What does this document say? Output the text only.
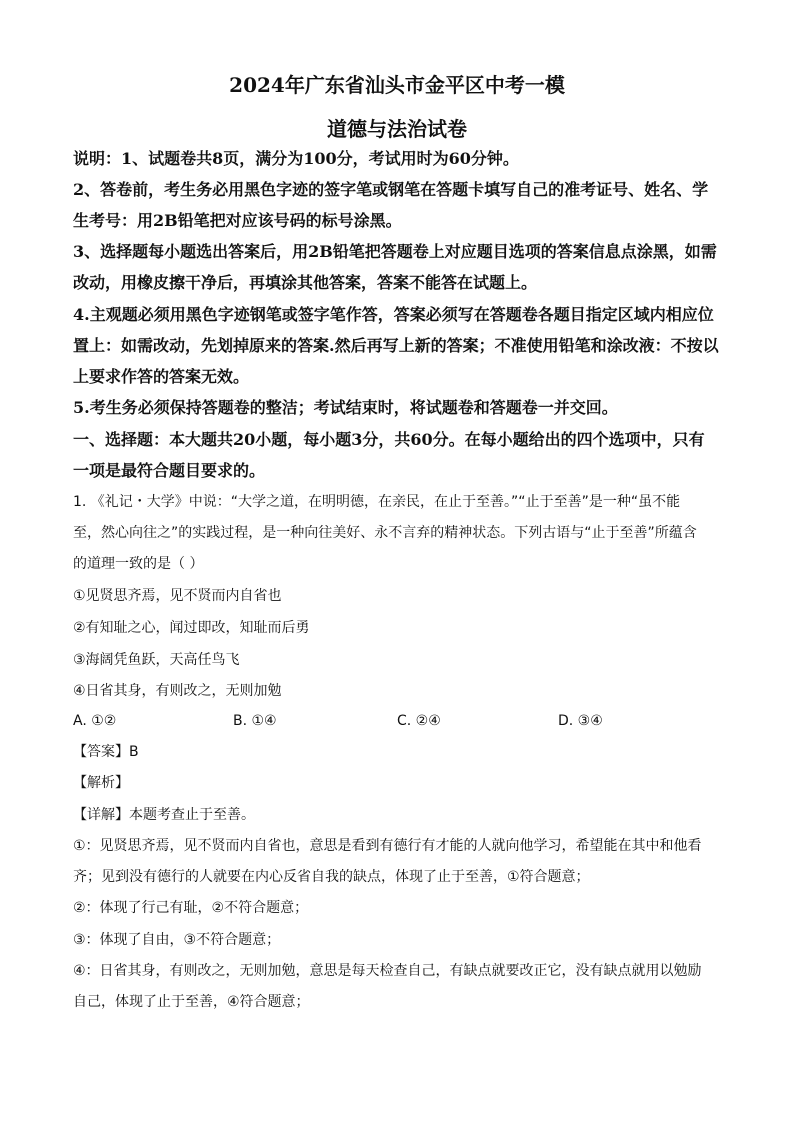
2024年广东省汕头市金平区中考一模
道德与法治试卷
说明：1、试题卷共8页，满分为100分，考试用时为60分钟。
2、答卷前，考生务必用黑色字迹的签字笔或钢笔在答题卡填写自己的准考证号、姓名、学
生考号：用2B铅笔把对应该号码的标号涂黑。
3、选择题每小题选出答案后，用2B铅笔把答题卷上对应题目选项的答案信息点涂黑，如需
改动，用橡皮擦干净后，再填涂其他答案，答案不能答在试题上。
4.主观题必须用黑色字迹钢笔或签字笔作答，答案必须写在答题卷各题目指定区域内相应位
置上：如需改动，先划掉原来的答案.然后再写上新的答案；不准使用铅笔和涂改液：不按以
上要求作答的答案无效。
5.考生务必须保持答题卷的整洁；考试结束时，将试题卷和答题卷一并交回。
一、选择题：本大题共20小题，每小题3分，共60分。在每小题给出的四个选项中，只有
一项是最符合题目要求的。
1. 《礼记・大学》中说：“大学之道，在明明德，在亲民，在止于至善。”“止于至善”是一种“虽不能
至，然心向往之”的实践过程，是一种向往美好、永不言弃的精神状态。下列古语与“止于至善”所蕴含
的道理一致的是（ ）
①见贤思齐焉，见不贤而内自省也
②有知耻之心，闻过即改，知耻而后勇
③海阔凭鱼跃，天高任鸟飞
④日省其身，有则改之，无则加勉
A. ①②	B. ①④	C. ②④	D. ③④
【答案】B
【解析】
【详解】本题考查止于至善。
①：见贤思齐焉，见不贤而内自省也，意思是看到有德行有才能的人就向他学习，希望能在其中和他看
齐；见到没有德行的人就要在内心反省自我的缺点，体现了止于至善，①符合题意；
②：体现了行己有耻，②不符合题意；
③：体现了自由，③不符合题意；
④：日省其身，有则改之，无则加勉，意思是每天检查自己，有缺点就要改正它，没有缺点就用以勉励
自己，体现了止于至善，④符合题意；
